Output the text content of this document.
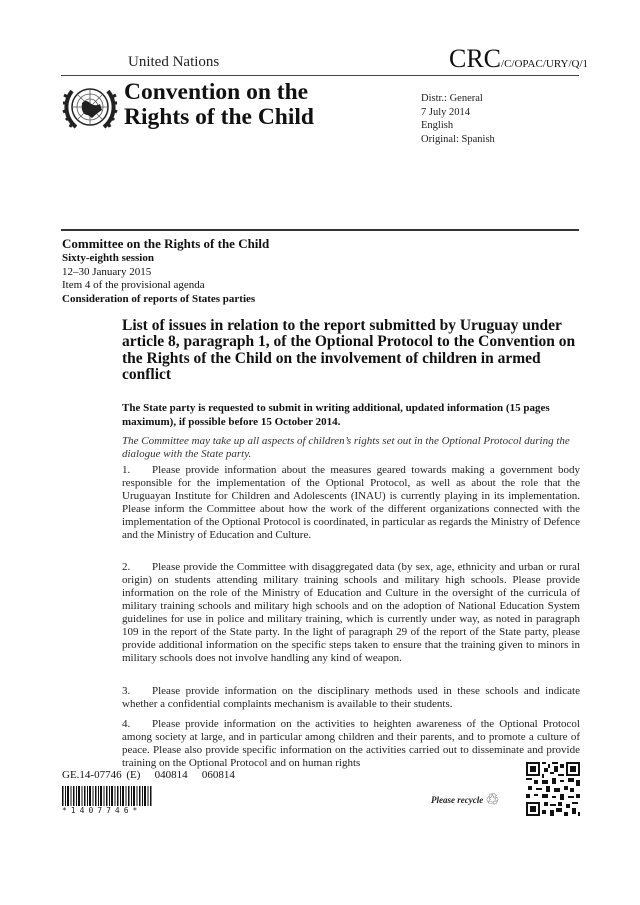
United Nations	CRC/C/OPAC/URY/Q/1
Convention on the
Rights of the Child
Distr.: General
7 July 2014
English
Original: Spanish
Committee on the Rights of the Child
Sixty-eighth session
12–30 January 2015
Item 4 of the provisional agenda
Consideration of reports of States parties
List of issues in relation to the report submitted by Uruguay under article 8, paragraph 1, of the Optional Protocol to the Convention on the Rights of the Child on the involvement of children in armed conflict
The State party is requested to submit in writing additional, updated information (15 pages maximum), if possible before 15 October 2014.
The Committee may take up all aspects of children’s rights set out in the Optional Protocol during the dialogue with the State party.
1. Please provide information about the measures geared towards making a government body responsible for the implementation of the Optional Protocol, as well as about the role that the Uruguayan Institute for Children and Adolescents (INAU) is currently playing in its implementation. Please inform the Committee about how the work of the different organizations connected with the implementation of the Optional Protocol is coordinated, in particular as regards the Ministry of Defence and the Ministry of Education and Culture.
2. Please provide the Committee with disaggregated data (by sex, age, ethnicity and urban or rural origin) on students attending military training schools and military high schools. Please provide information on the role of the Ministry of Education and Culture in the oversight of the curricula of military training schools and military high schools and on the adoption of National Education System guidelines for use in police and military training, which is currently under way, as noted in paragraph 109 in the report of the State party. In the light of paragraph 29 of the report of the State party, please provide additional information on the specific steps taken to ensure that the training given to minors in military schools does not involve handling any kind of weapon.
3. Please provide information on the disciplinary methods used in these schools and indicate whether a confidential complaints mechanism is available to their students.
4. Please provide information on the activities to heighten awareness of the Optional Protocol among society at large, and in particular among children and their parents, and to promote a culture of peace. Please also provide specific information on the activities carried out to disseminate and provide training on the Optional Protocol and on human rights
GE.14-07746 (E) 040814 060814
*1407746*
Please recycle ♲
